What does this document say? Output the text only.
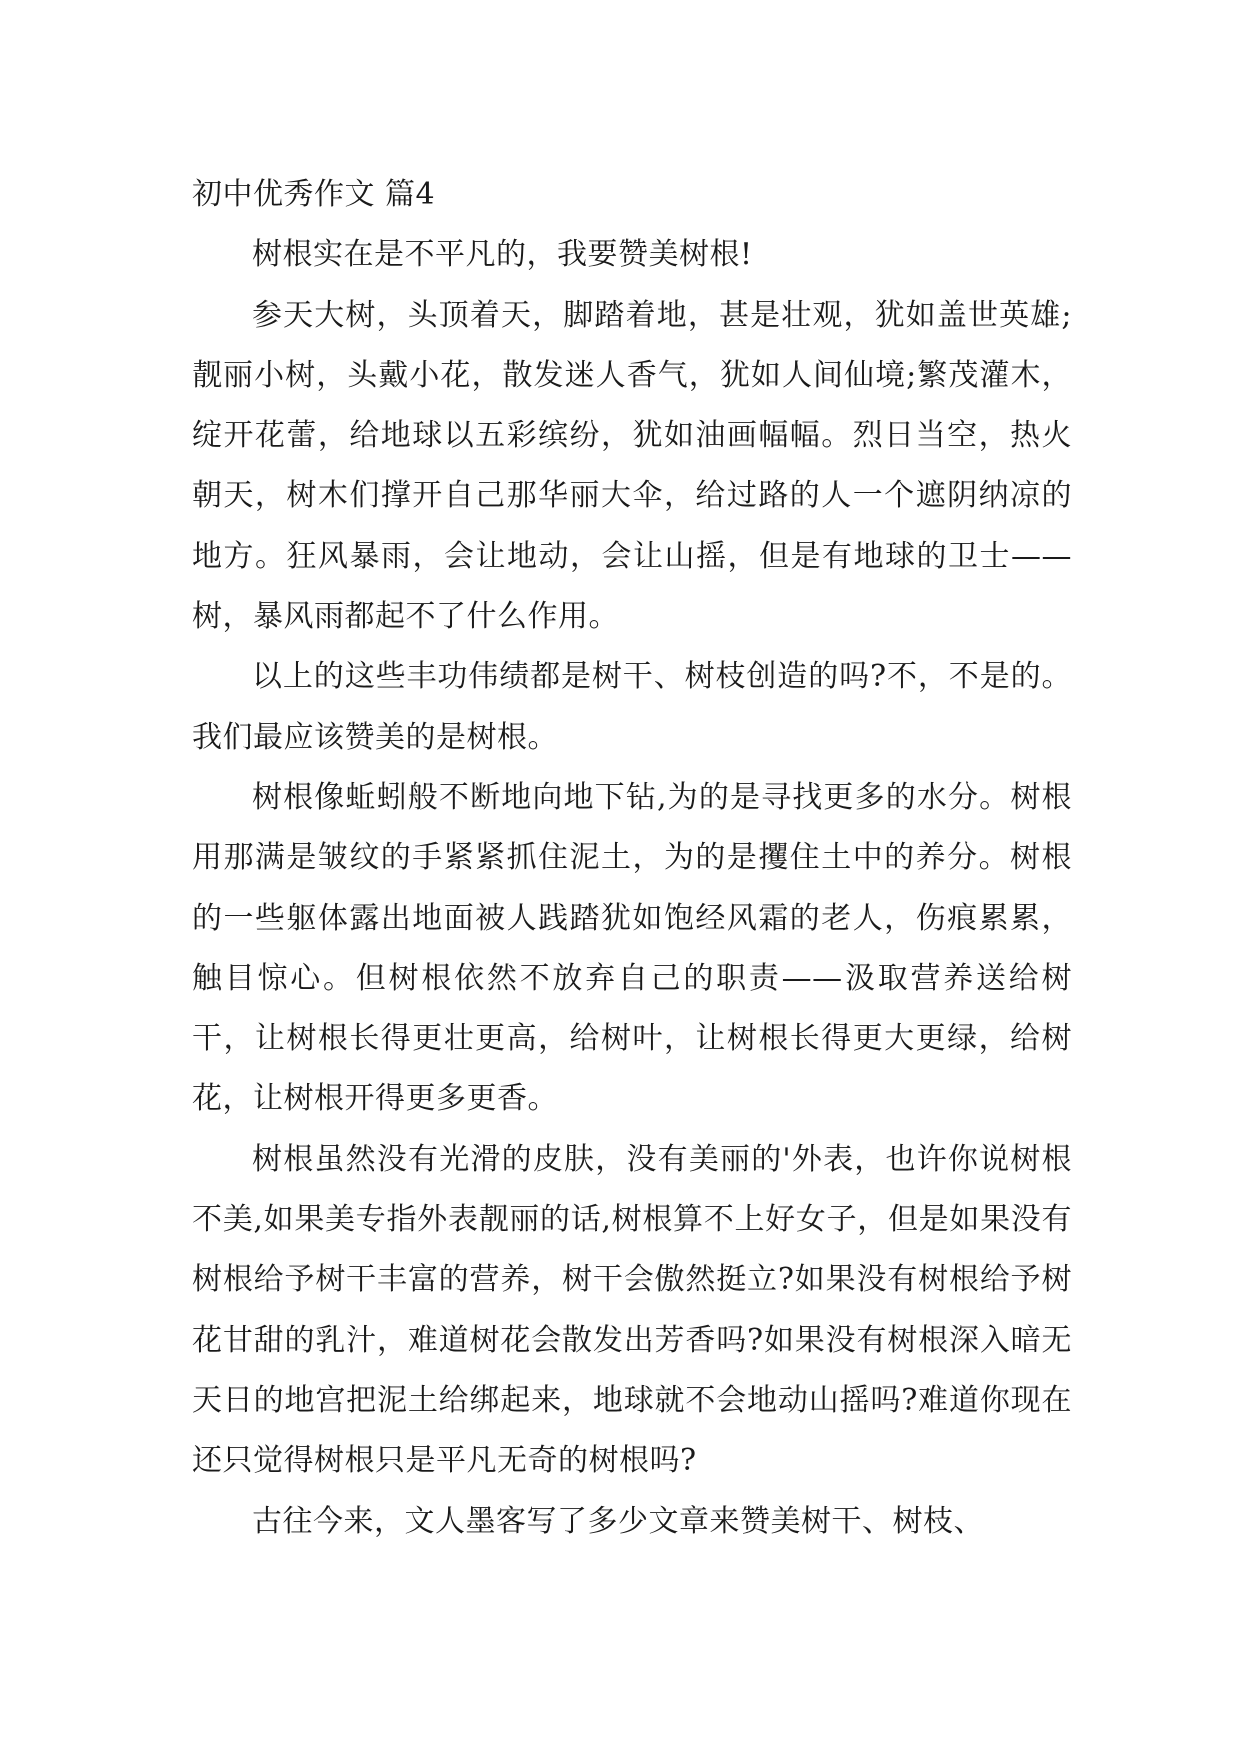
初中优秀作文 篇4

树根实在是不平凡的，我要赞美树根!

参天大树，头顶着天，脚踏着地，甚是壮观，犹如盖世英雄;靓丽小树，头戴小花，散发迷人香气，犹如人间仙境;繁茂灌木，绽开花蕾，给地球以五彩缤纷，犹如油画幅幅。烈日当空，热火朝天，树木们撑开自己那华丽大伞，给过路的人一个遮阴纳凉的地方。狂风暴雨，会让地动，会让山摇，但是有地球的卫士——树，暴风雨都起不了什么作用。

以上的这些丰功伟绩都是树干、树枝创造的吗?不，不是的。我们最应该赞美的是树根。

树根像蚯蚓般不断地向地下钻,为的是寻找更多的水分。树根用那满是皱纹的手紧紧抓住泥土，为的是攫住土中的养分。树根的一些躯体露出地面被人践踏犹如饱经风霜的老人，伤痕累累，触目惊心。但树根依然不放弃自己的职责——汲取营养送给树干，让树根长得更壮更高，给树叶，让树根长得更大更绿，给树花，让树根开得更多更香。

树根虽然没有光滑的皮肤，没有美丽的'外表，也许你说树根不美,如果美专指外表靓丽的话,树根算不上好女子，但是如果没有树根给予树干丰富的营养，树干会傲然挺立?如果没有树根给予树花甘甜的乳汁，难道树花会散发出芳香吗?如果没有树根深入暗无天日的地宫把泥土给绑起来，地球就不会地动山摇吗?难道你现在还只觉得树根只是平凡无奇的树根吗?

古往今来，文人墨客写了多少文章来赞美树干、树枝、
